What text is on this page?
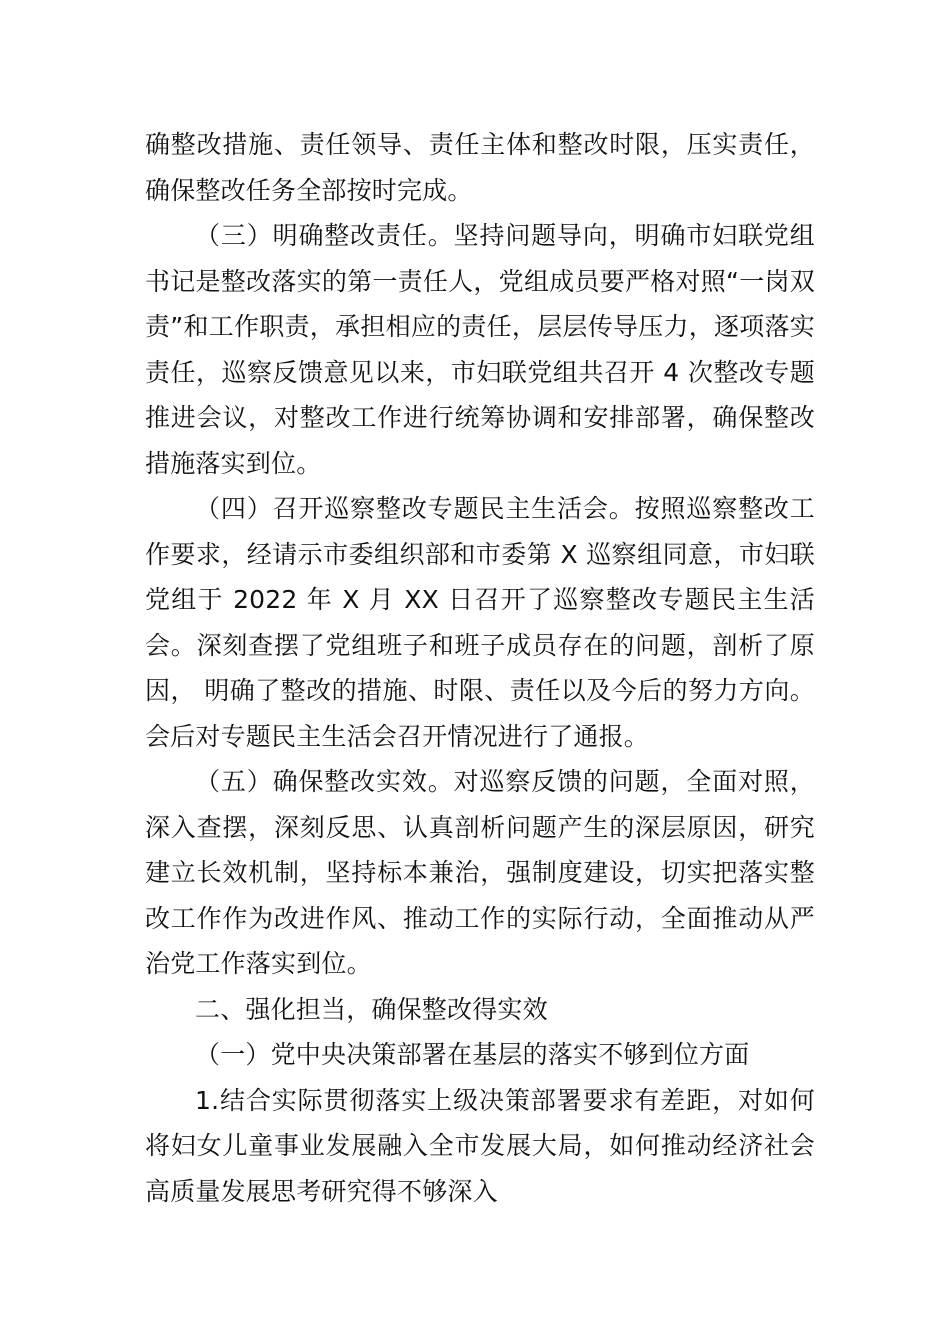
确整改措施、责任领导、责任主体和整改时限，压实责任， 确保整改任务全部按时完成。

（三）明确整改责任。坚持问题导向，明确市妇联党组书记是整改落实的第一责任人，党组成员要严格对照“一岗双责”和工作职责，承担相应的责任，层层传导压力，逐项落实责任，巡察反馈意见以来，市妇联党组共召开 4 次整改专题推进会议，对整改工作进行统筹协调和安排部署，确保整改措施落实到位。

（四）召开巡察整改专题民主生活会。按照巡察整改工作要求，经请示市委组织部和市委第 X 巡察组同意，市妇联党组于 2022 年 X 月 XX 日召开了巡察整改专题民主生活会。深刻查摆了党组班子和班子成员存在的问题，剖析了原因， 明确了整改的措施、时限、责任以及今后的努力方向。会后对专题民主生活会召开情况进行了通报。

（五）确保整改实效。对巡察反馈的问题，全面对照， 深入查摆，深刻反思、认真剖析问题产生的深层原因，研究建立长效机制，坚持标本兼治，强制度建设，切实把落实整改工作作为改进作风、推动工作的实际行动，全面推动从严治党工作落实到位。

二、强化担当，确保整改得实效

（一）党中央决策部署在基层的落实不够到位方面

1.结合实际贯彻落实上级决策部署要求有差距，对如何将妇女儿童事业发展融入全市发展大局，如何推动经济社会高质量发展思考研究得不够深入
